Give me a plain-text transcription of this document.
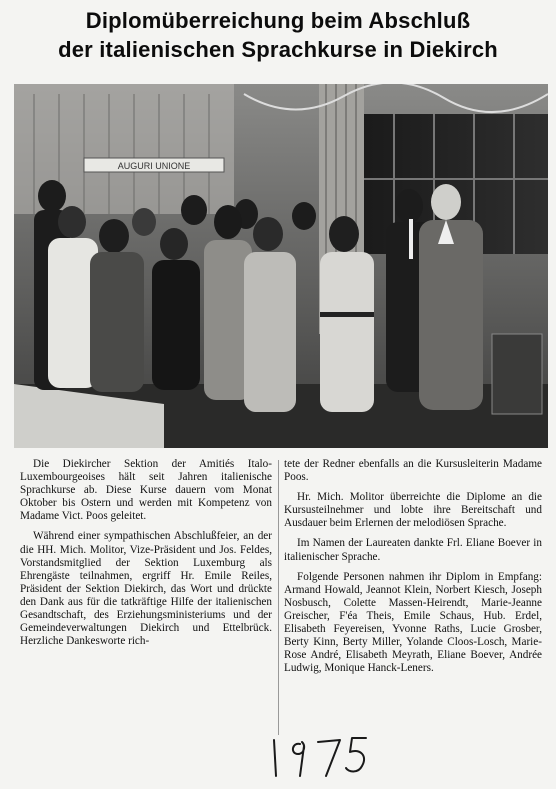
Diplomüberreichung beim Abschluß
der italienischen Sprachkurse in Diekirch
AUGURI UNIONE

Die Diekircher Sektion der Amitiés Italo-Luxembourgeoises hält seit Jahren italienische Sprachkurse ab. Diese Kurse dauern vom Monat Oktober bis Ostern und werden mit Kompetenz von Madame Vict. Poos geleitet.

Während einer sympathischen Abschlußfeier, an der die HH. Mich. Molitor, Vize-Präsident und Jos. Feldes, Vorstandsmitglied der Sektion Luxemburg als Ehrengäste teilnahmen, ergriff Hr. Emile Reiles, Präsident der Sektion Diekirch, das Wort und drückte den Dank aus für die tatkräftige Hilfe der italienischen Gesandtschaft, des Erziehungsministeriums und der Gemeindeverwaltungen Diekirch und Ettelbrück. Herzliche Dankesworte rich-

tete der Redner ebenfalls an die Kursusleiterin Madame Poos.

Hr. Mich. Molitor überreichte die Diplome an die Kursusteilnehmer und lobte ihre Bereitschaft und Ausdauer beim Erlernen der melodiösen Sprache.

Im Namen der Laureaten dankte Frl. Eliane Boever in italienischer Sprache.

Folgende Personen nahmen ihr Diplom in Empfang: Armand Howald, Jeannot Klein, Norbert Kiesch, Joseph Nosbusch, Colette Massen-Heirendt, Marie-Jeanne Greischer, F'éa Theis, Emile Schaus, Hub. Erdel, Elisabeth Feyereisen, Yvonne Raths, Lucie Grosber, Berty Kinn, Berty Miller, Yolande Cloos-Losch, Marie-Rose André, Elisabeth Meyrath, Eliane Boever, Andrée Ludwig, Monique Hanck-Leners.
